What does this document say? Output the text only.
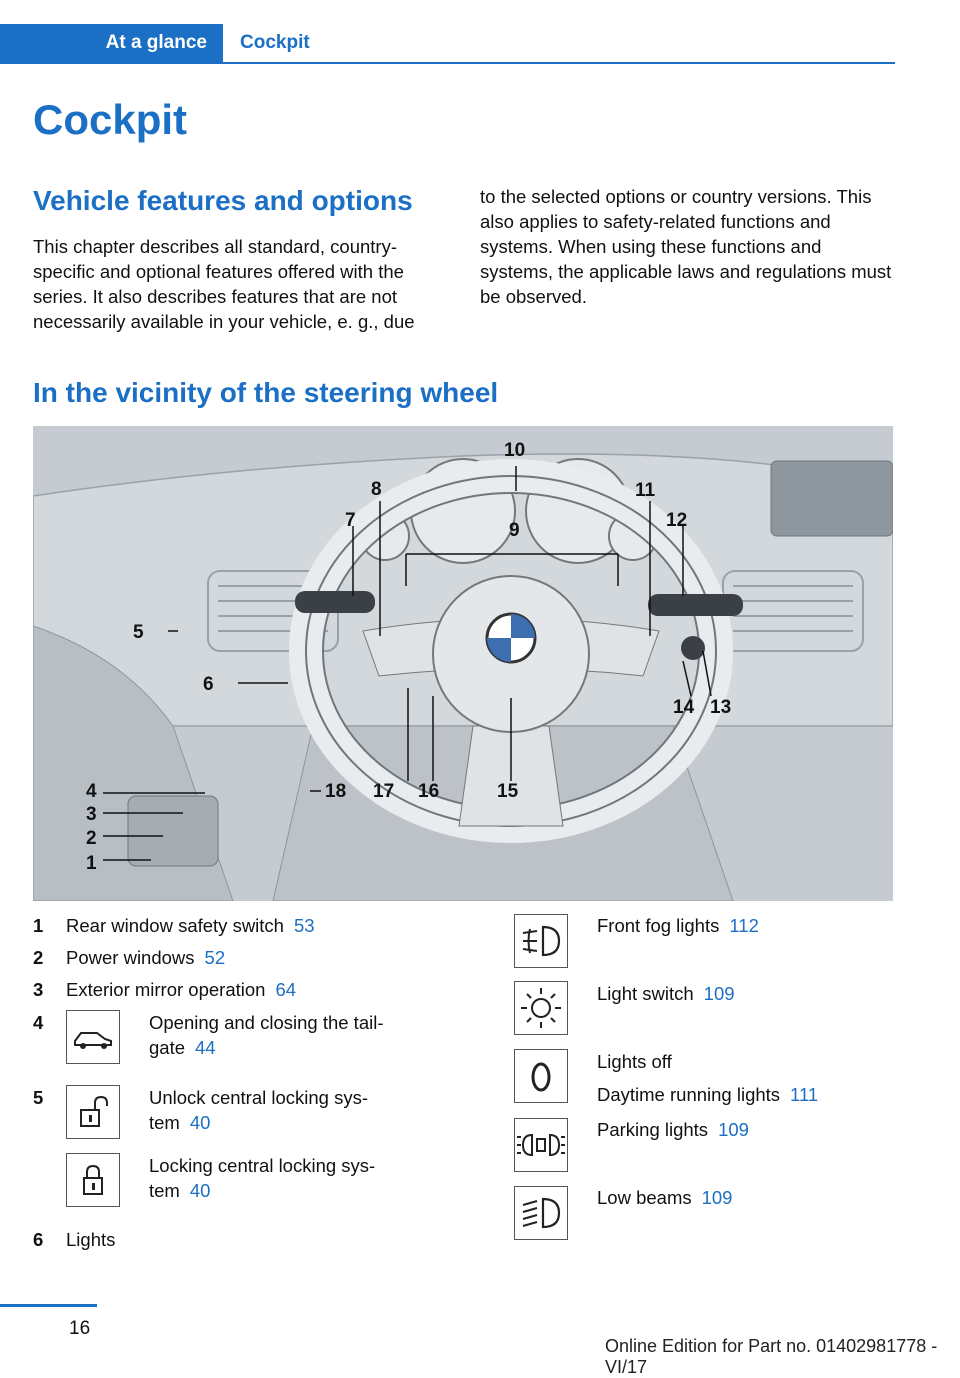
At a glance	Cockpit
Cockpit
Vehicle features and options
This chapter describes all standard, country-specific and optional features offered with the series. It also describes features that are not necessarily available in your vehicle, e. g., due
to the selected options or country versions. This also applies to safety-related functions and systems. When using these functions and systems, the applicable laws and regulations must be observed.
In the vicinity of the steering wheel
1
2
3
4
5
6
7
8
9
10
11
12
13
14
15
16
17
18
1 Rear window safety switch 53
2 Power windows 52
3 Exterior mirror operation 64
4	Opening and closing the tail-
gate 44
5	Unlock central locking sys-
tem 40
Locking central locking sys-
tem 40
6 Lights
Front fog lights 112
Light switch 109
Lights off
Daytime running lights 111
Parking lights 109
Low beams 109
16
Online Edition for Part no. 01402981778 - VI/17
